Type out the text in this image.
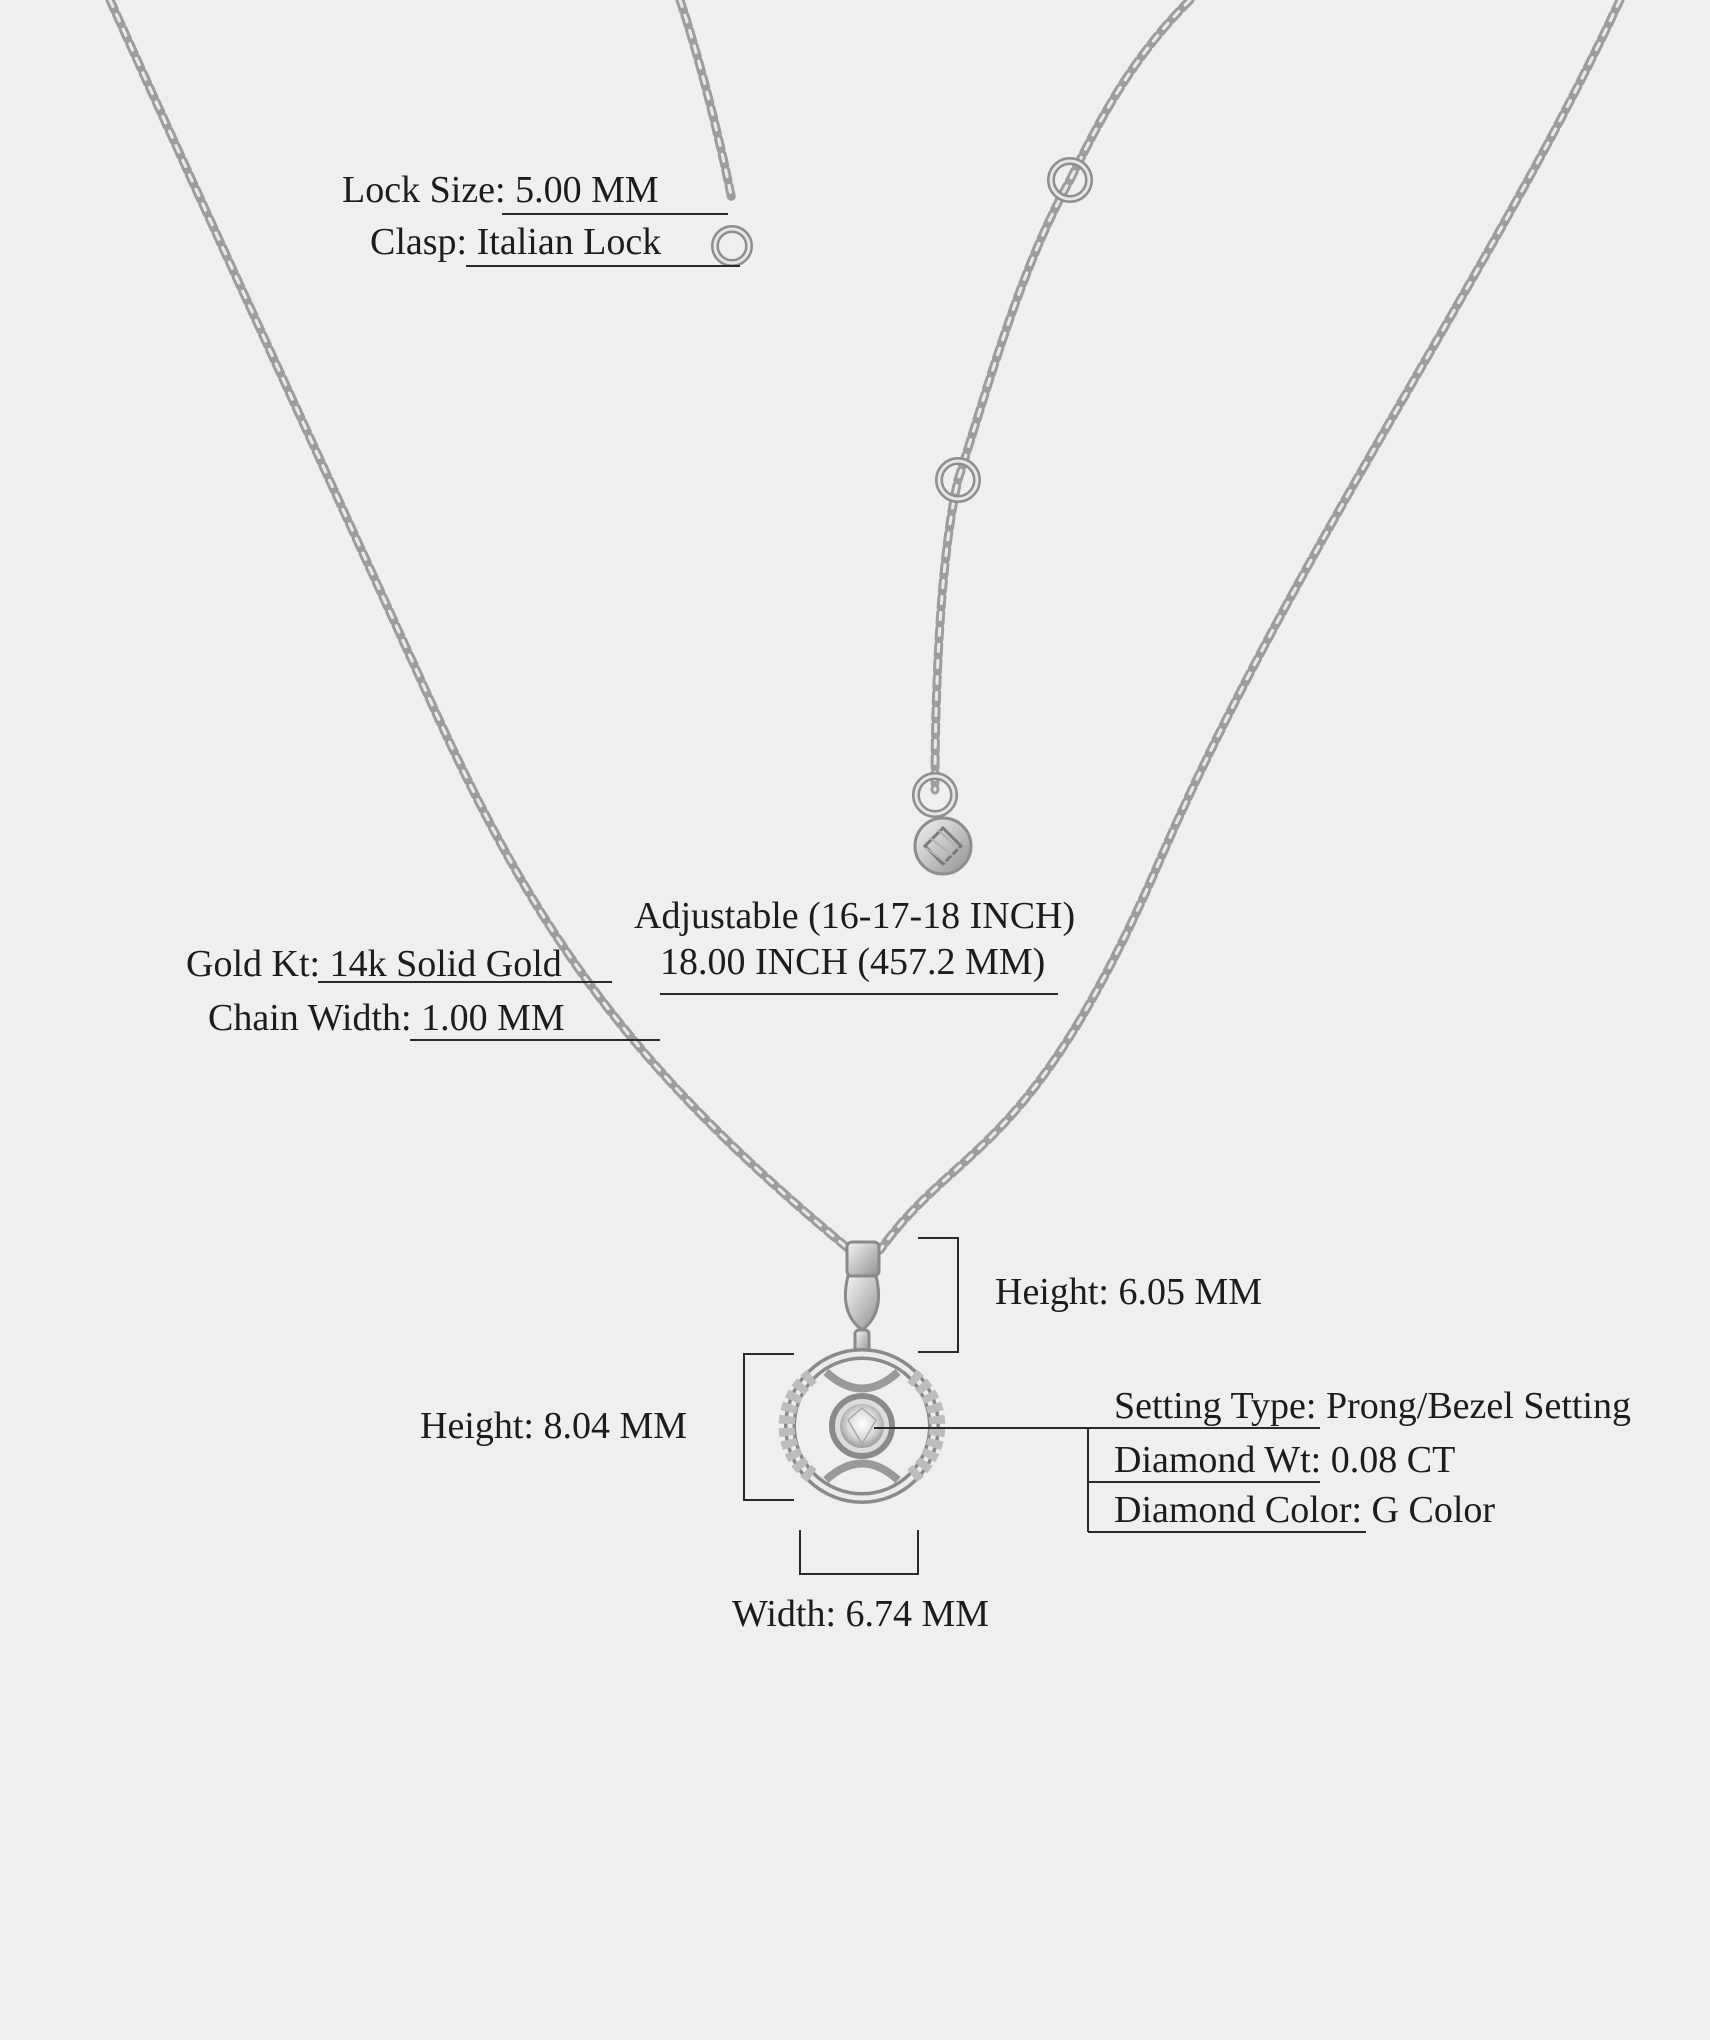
Lock Size: 5.00 MM
Clasp: Italian Lock
Adjustable (16-17-18 INCH)
18.00 INCH (457.2 MM)
Gold Kt: 14k Solid Gold
Chain Width: 1.00 MM
Height: 6.05 MM
Height: 8.04 MM	Setting Type: Prong/Bezel Setting
Diamond Wt: 0.08 CT
Diamond Color: G Color
Width: 6.74 MM
